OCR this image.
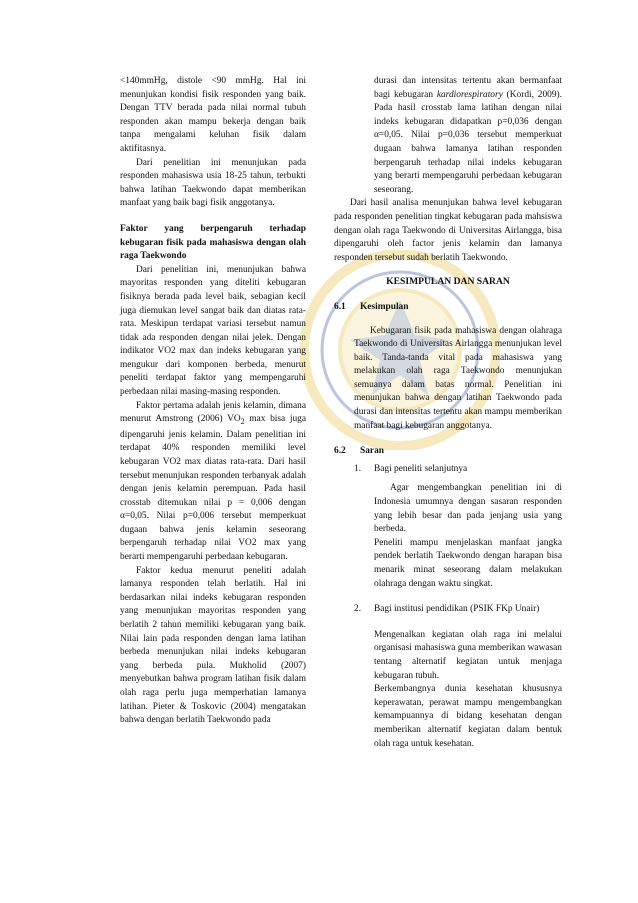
<140mmHg, distole <90 mmHg. Hal ini menunjukan kondisi fisik responden yang baik. Dengan TTV berada pada nilai normal tubuh responden akan mampu bekerja dengan baik tanpa mengalami keluhan fisik dalam aktifitasnya.

Dari penelitian ini menunjukan pada responden mahasiswa usia 18-25 tahun, terbukti bahwa latihan Taekwondo dapat memberikan manfaat yang baik bagi fisik anggotanya.

Faktor yang berpengaruh terhadap kebugaran fisik pada mahasiswa dengan olah raga Taekwondo

Dari penelitian ini, menunjukan bahwa mayoritas responden yang diteliti kebugaran fisiknya berada pada level baik, sebagian kecil juga diemukan level sangat baik dan diatas rata-rata. Meskipun terdapat variasi tersebut namun tidak ada responden dengan nilai jelek. Dengan indikator VO2 max dan indeks kebugaran yang mengukur dari komponen berbeda, menurut peneliti terdapat faktor yang mempengaruhi perbedaan nilai masing-masing responden.

Faktor pertama adalah jenis kelamin, dimana menurut Amstrong (2006) $VO_2$ max bisa juga dipengaruhi jenis kelamin. Dalam penelitian ini terdapat 40% responden memiliki level kebugaran VO2 max diatas rata-rata. Dari hasil tersebut menunjukan responden terbanyak adalah dengan jenis kelamin perempuan. Pada hasil crosstab ditemukan nilai p = 0,006 dengan α=0,05. Nilai p=0,006 tersebut memperkuat dugaan bahwa jenis kelamin seseorang berpengaruh terhadap nilai VO2 max yang berarti mempengaruhi perbedaan kebugaran.

Faktor kedua menurut peneliti adalah lamanya responden telah berlatih. Hal ini berdasarkan nilai indeks kebugaran responden yang menunjukan mayoritas responden yang berlatih 2 tahun memiliki kebugaran yang baik. Nilai lain pada responden dengan lama latihan berbeda menunjukan nilai indeks kebugaran yang berbeda pula. Mukholid (2007) menyebutkan bahwa program latihan fisik dalam olah raga perlu juga memperhatian lamanya latihan. Pieter & Toskovic (2004) mengatakan bahwa dengan berlatih Taekwondo pada

durasi dan intensitas tertentu akan bermanfaat bagi kebugaran kardiorespiratory (Kordi, 2009). Pada hasil crosstab lama latihan dengan nilai indeks kebugaran didapatkan p=0,036 dengan α=0,05. Nilai p=0,036 tersebut memperkuat dugaan bahwa lamanya latihan responden berpengaruh terhadap nilai indeks kebugaran yang berarti mempengaruhi perbedaan kebugaran seseorang.

Dari hasil analisa menunjukan bahwa level kebugaran pada responden penelitian tingkat kebugaran pada mahsiswa dengan olah raga Taekwondo di Universitas Airlangga, bisa dipengaruhi oleh factor jenis kelamin dan lamanya responden tersebut sudah berlatih Taekwondo.

KESIMPULAN DAN SARAN

6.1	Kesimpulan

Kebugaran fisik pada mahasiswa dengan olahraga Taekwondo di Universitas Airlangga menunjukan level baik. Tanda-tanda vital pada mahasiswa yang melakukan olah raga Taekwondo menunjukan semuanya dalam batas normal. Penelitian ini menunjukan bahwa dengan latihan Taekwondo pada durasi dan intensitas tertentu akan mampu memberikan manfaat bagi kebugaran anggotanya.

6.2	Saran
1.	Bagi peneliti selanjutnya

Agar mengembangkan penelitian ini di Indonesia umumnya dengan sasaran responden yang lebih besar dan pada jenjang usia yang berbeda.

Peneliti mampu menjelaskan manfaat jangka pendek berlatih Taekwondo dengan harapan bisa menarik minat seseorang dalam melakukan olahraga dengan waktu singkat.

2.	Bagi institusi pendidikan (PSIK FKp Unair)

Mengenalkan kegiatan olah raga ini melalui organisasi mahasiswa guna memberikan wawasan tentang alternatif kegiatan untuk menjaga kebugaran tubuh.

Berkembangnya dunia kesehatan khususnya keperawatan, perawat mampu mengembangkan kemampuannya di bidang kesehatan dengan memberikan alternatif kegiatan dalam bentuk olah raga untuk kesehatan.
